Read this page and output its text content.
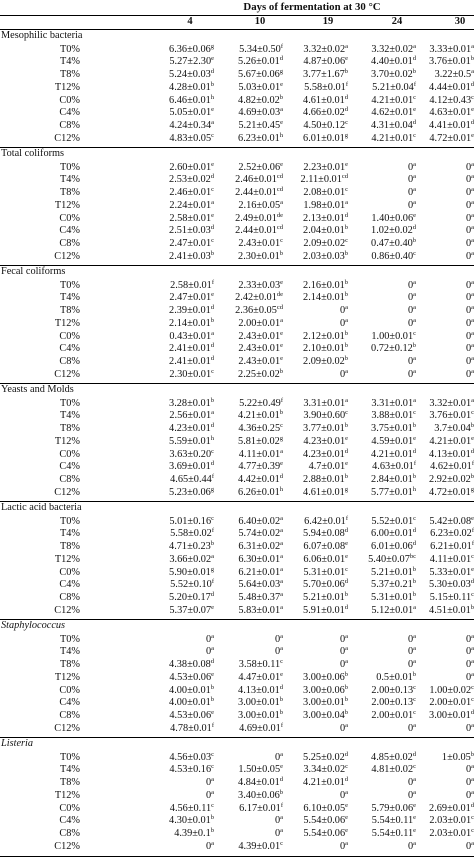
Days of fermentation at 30 °C
4	10	19	24	30
Mesophilic bacteria
T0%	6.36±0.06$^g$ 5.34±0.50$^f$ 3.32±0.02$^a$ 3.32±0.02$^a$ 3.33±0.01$^a$
T4%	5.27±2.30$^e$ 5.26±0.01$^d$ 4.87±0.06$^e$ 4.40±0.01$^d$ 3.76±0.01$^b$
T8%	5.24±0.03$^d$ 5.67±0.06$^g$ 3.77±1.67$^b$ 3.70±0.02$^b$ 3.22±0.5$^a$
T12%	4.28±0.01$^b$ 5.03±0.01$^e$ 5.58±0.01$^f$ 5.21±0.04$^f$ 4.44±0.01$^d$
C0%	6.46±0.01$^h$ 4.82±0.02$^b$ 4.61±0.01$^d$ 4.21±0.01$^c$ 4.12±0.43$^c$
C4%	5.05±0.01$^e$ 4.69±0.03$^a$ 4.66±0.02$^d$ 4.62±0.01$^e$ 4.63±0.01$^e$
C8%	4.24±0.34$^a$ 5.21±0.45$^e$ 4.50±0.12$^c$ 4.31±0.04$^d$ 4.41±0.01$^d$
C12%	4.83±0.05$^c$ 6.23±0.01$^h$ 6.01±0.01$^g$ 4.21±0.01$^c$ 4.72±0.01$^e$
Total coliforms
T0%	2.60±0.01$^e$ 2.52±0.06$^e$ 2.23±0.01$^e$	0$^a$	0$^a$
T4%	2.53±0.02$^d$ 2.46±0.01$^{cd}$ 2.11±0.01$^{cd}$	0$^a$	0$^a$
T8%	2.46±0.01$^c$ 2.44±0.01$^{cd}$ 2.08±0.01$^c$	0$^a$	0$^a$
T12%	2.24±0.01$^a$ 2.16±0.05$^a$ 1.98±0.01$^a$	0$^a$	0$^a$
C0%	2.58±0.01$^e$ 2.49±0.01de 2.13±0.01$^d$ 1.40±0.06$^e$	0$^a$
C4%	2.51±0.03$^d$ 2.44±0.01$^{cd}$ 2.04±0.01$^b$ 1.02±0.02$^d$	0$^a$
C8%	2.47±0.01$^c$ 2.43±0.01$^c$ 2.09±0.02$^c$ 0.47±0.40$^b$	0$^a$
C12%	2.41±0.03$^b$ 2.30±0.01$^b$ 2.03±0.03$^b$ 0.86±0.40$^c$	0$^a$
Fecal coliforms
T0%	2.58±0.01$^f$ 2.33±0.03$^e$ 2.16±0.01$^b$	0$^a$	0$^a$
T4%	2.47±0.01$^e$ 2.42±0.01de 2.14±0.01$^b$	0$^a$	0$^a$
T8%	2.39±0.01$^d$ 2.36±0.05$^{cd}$	0$^a$	0$^a$	0$^a$
T12%	2.14±0.01$^b$ 2.00±0.01$^a$	0$^a$	0$^a$	0$^a$
C0%	0.43±0.01$^a$ 2.43±0.01$^e$ 2.12±0.01$^b$ 1.00±0.01$^c$	0$^a$
C4%	2.41±0.01$^d$ 2.43±0.01$^e$ 2.10±0.01$^b$ 0.72±0.12$^b$	0$^a$
C8%	2.41±0.01$^d$ 2.43±0.01$^e$ 2.09±0.02$^b$	0$^a$	0$^a$
C12%	2.30±0.01$^c$ 2.25±0.02$^b$	0$^a$	0$^a$	0$^a$
Yeasts and Molds
T0%	3.28±0.01$^b$ 5.22±0.49$^f$ 3.31±0.01$^a$ 3.31±0.01$^a$ 3.32±0.01$^a$
T4%	2.56±0.01$^a$ 4.21±0.01$^b$ 3.90±0.60$^c$ 3.88±0.01$^c$ 3.76±0.01$^c$
T8%	4.23±0.01$^d$ 4.36±0.25$^c$ 3.77±0.01$^b$ 3.75±0.01$^b$ 3.7±0.04$^b$
T12%	5.59±0.01$^h$ 5.81±0.02$^g$ 4.23±0.01$^e$ 4.59±0.01$^e$ 4.21±0.01$^e$
C0%	3.63±0.20$^c$ 4.11±0.01$^a$ 4.23±0.01$^d$ 4.21±0.01$^d$ 4.13±0.01$^d$
C4%	3.69±0.01$^d$ 4.77±0.39$^e$ 4.7±0.01$^e$ 4.63±0.01$^f$ 4.62±0.01$^f$
C8%	4.65±0.44$^f$ 4.42±0.01$^d$ 2.88±0.01$^b$ 2.84±0.01$^b$ 2.92±0.02$^b$
C12%	5.23±0.06$^g$ 6.26±0.01$^h$ 4.61±0.01$^g$ 5.77±0.01$^h$ 4.72±0.01$^g$
Lactic acid bacteria
T0%	5.01±0.16$^c$ 6.40±0.02$^a$ 6.42±0.01$^f$ 5.52±0.01$^c$ 5.42±0.08$^e$
T4%	5.58±0.02$^f$ 5.74±0.02$^a$ 5.94±0.08$^d$ 6.00±0.01$^d$ 6.23±0.02$^f$
T8%	4.71±0.23$^b$ 6.31±0.02$^a$ 6.07±0.08$^e$ 6.01±0.06$^d$ 6.21±0.01$^f$
T12%	3.66±0.02$^a$ 6.30±0.01$^a$ 6.06±0.01$^e$ 5.40±0.07$^{bc}$ 4.11±0.01$^c$
C0%	5.90±0.01$^g$ 6.21±0.01$^a$ 5.31±0.01$^c$ 5.21±0.01$^b$ 5.33±0.01$^e$
C4%	5.52±0.10$^f$ 5.64±0.03$^a$ 5.70±0.06$^d$ 5.37±0.21$^b$ 5.30±0.03$^d$
C8%	5.20±0.17$^d$ 5.48±0.37$^a$ 5.21±0.01$^b$ 5.31±0.01$^b$ 5.15±0.11$^c$
C12%	5.37±0.07$^e$ 5.83±0.01$^a$ 5.91±0.01$^d$ 5.12±0.01$^a$ 4.51±0.01$^b$
Staphylococcus
T0%	0$^a$	0$^a$	0$^a$	0$^a$	0$^a$
T4%	0$^a$	0$^a$	0$^a$	0$^a$	0$^a$
T8%	4.38±0.08$^d$ 3.58±0.11$^c$	0$^a$	0$^a$	0$^a$
T12%	4.53±0.06$^e$ 4.47±0.01$^e$ 3.00±0.06$^b$	0.5±0.01$^b$	0$^a$
C0%	4.00±0.01$^b$ 4.13±0.01$^d$ 3.00±0.06$^b$ 2.00±0.13$^c$ 1.00±0.02$^c$
C4%	4.00±0.01$^b$ 3.00±0.01$^b$ 3.00±0.01$^b$ 2.00±0.13$^c$ 2.00±0.01$^c$
C8%	4.53±0.06$^e$ 3.00±0.01$^b$ 3.00±0.04$^b$ 2.00±0.01$^c$ 3.00±0.01$^d$
C12%	4.78±0.01$^f$ 4.69±0.01$^f$	0$^a$	0$^a$	0$^a$
Listeria
T0%	4.56±0.03$^c$	0$^a$ 5.25±0.02$^d$ 4.85±0.02$^d$	1±0.05$^b$
T4%	4.53±0.16$^c$ 1.50±0.05$^e$ 3.34±0.02$^c$ 4.81±0.02$^c$	0$^a$
T8%	0$^a$ 4.84±0.01$^d$ 4.21±0.01$^d$	0$^a$	0$^a$
T12%	0$^a$ 3.40±0.06$^b$	0$^a$	0$^a$	0$^a$
C0%	4.56±0.11$^c$ 6.17±0.01$^f$ 6.10±0.05$^e$ 5.79±0.06$^e$ 2.69±0.01$^d$
C4%	4.30±0.01$^b$	0$^a$ 5.54±0.06$^e$ 5.54±0.11$^e$ 2.03±0.01$^c$
C8%	4.39±0.1$^b$	0$^a$ 5.54±0.06$^e$ 5.54±0.11$^e$ 2.03±0.01$^c$
C12%	0$^a$ 4.39±0.01$^c$	0$^a$	0$^a$	0$^a$
